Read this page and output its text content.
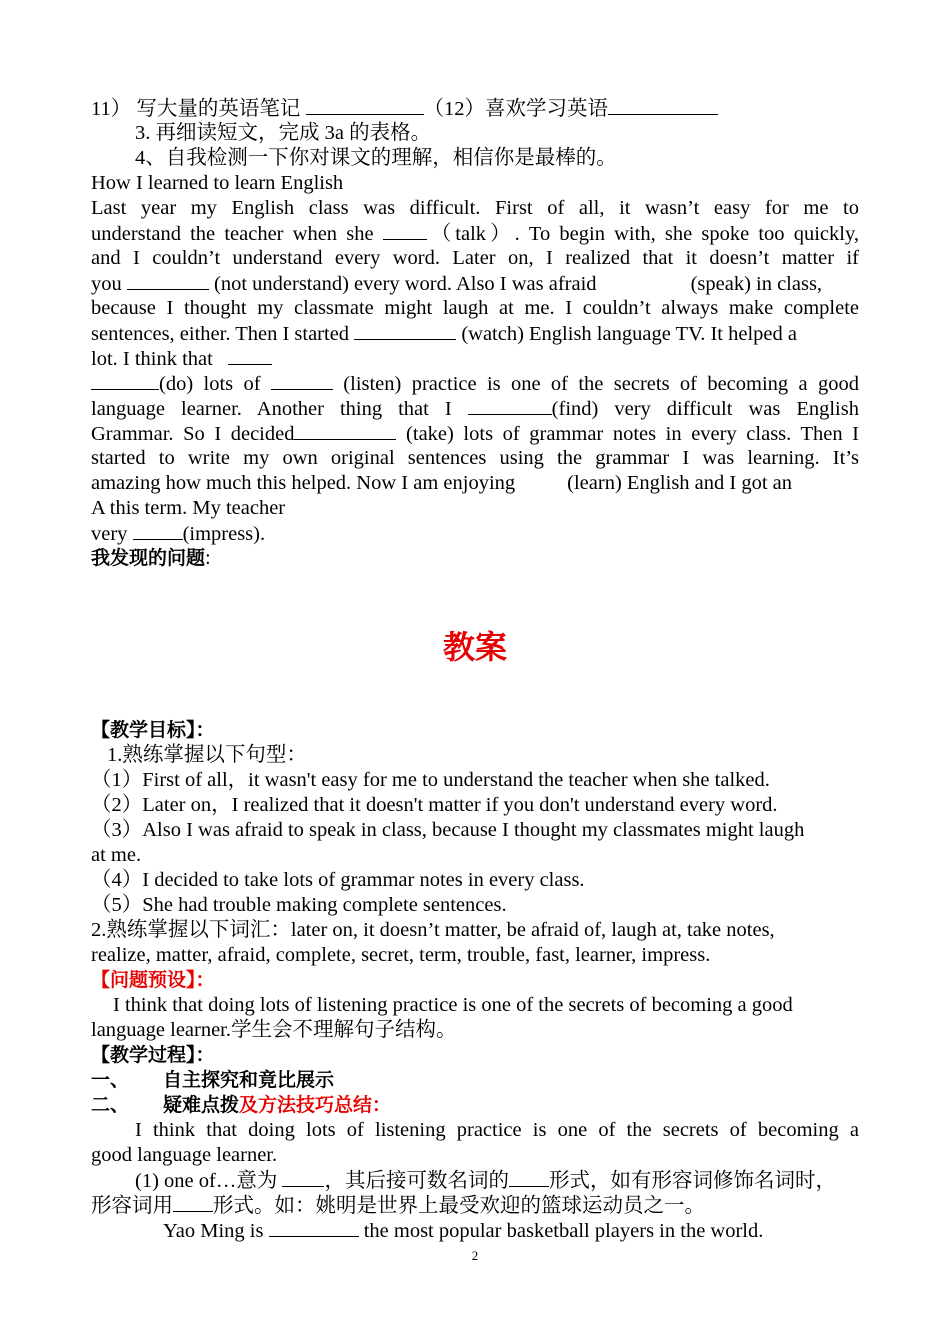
11） 写大量的英语笔记	（12）喜欢学习英语
3. 再细读短文，完成 3a 的表格。
4、自我检测一下你对课文的理解，相信你是最棒的。
How I learned to learn English
Last year my English class was difficult. First of all, it wasn’t easy for me to
understand the teacher when she （talk）. To begin with, she spoke too quickly,
and I couldn’t understand every word. Later on, I realized that it doesn’t matter if
you	(not understand) every word. Also I was afraid	(speak) in class,
because I thought my classmate might laugh at me. I couldn’t always make complete
sentences, either. Then I started	(watch) English language TV. It helped a
lot. I think that
(do) lots of	(listen) practice is one of the secrets of becoming a good
language learner. Another thing that I	(find) very difficult was English
Grammar. So I decided	(take) lots of grammar notes in every class. Then I
started to write my own original sentences using the grammar I was learning. It’s
amazing how much this helped. Now I am enjoying	(learn) English and I got an
A this term. My teacher
very (impress).
我发现的问题:
教案
【教学目标】：
1.熟练掌握以下句型：
（1）First of all，it wasn't easy for me to understand the teacher when she talked.
（2）Later on，I realized that it doesn't matter if you don't understand every word.
（3）Also I was afraid to speak in class, because I thought my classmates might laugh
at me.
（4）I decided to take lots of grammar notes in every class.
（5）She had trouble making complete sentences.
2.熟练掌握以下词汇：later on, it doesn’t matter, be afraid of, laugh at, take notes,
realize, matter, afraid, complete, secret, term, trouble, fast, learner, impress.
【问题预设】：
I think that doing lots of listening practice is one of the secrets of becoming a good
language learner.学生会不理解句子结构。
【教学过程】：
一、 自主探究和竟比展示
二、 疑难点拨及方法技巧总结：
I think that doing lots of listening practice is one of the secrets of becoming a
good language learner.
(1) one of…意为 ，其后接可数名词的 形式，如有形容词修饰名词时，
形容词用 形式。如：姚明是世界上最受欢迎的篮球运动员之一。
Yao Ming is	the most popular basketball players in the world.
2
